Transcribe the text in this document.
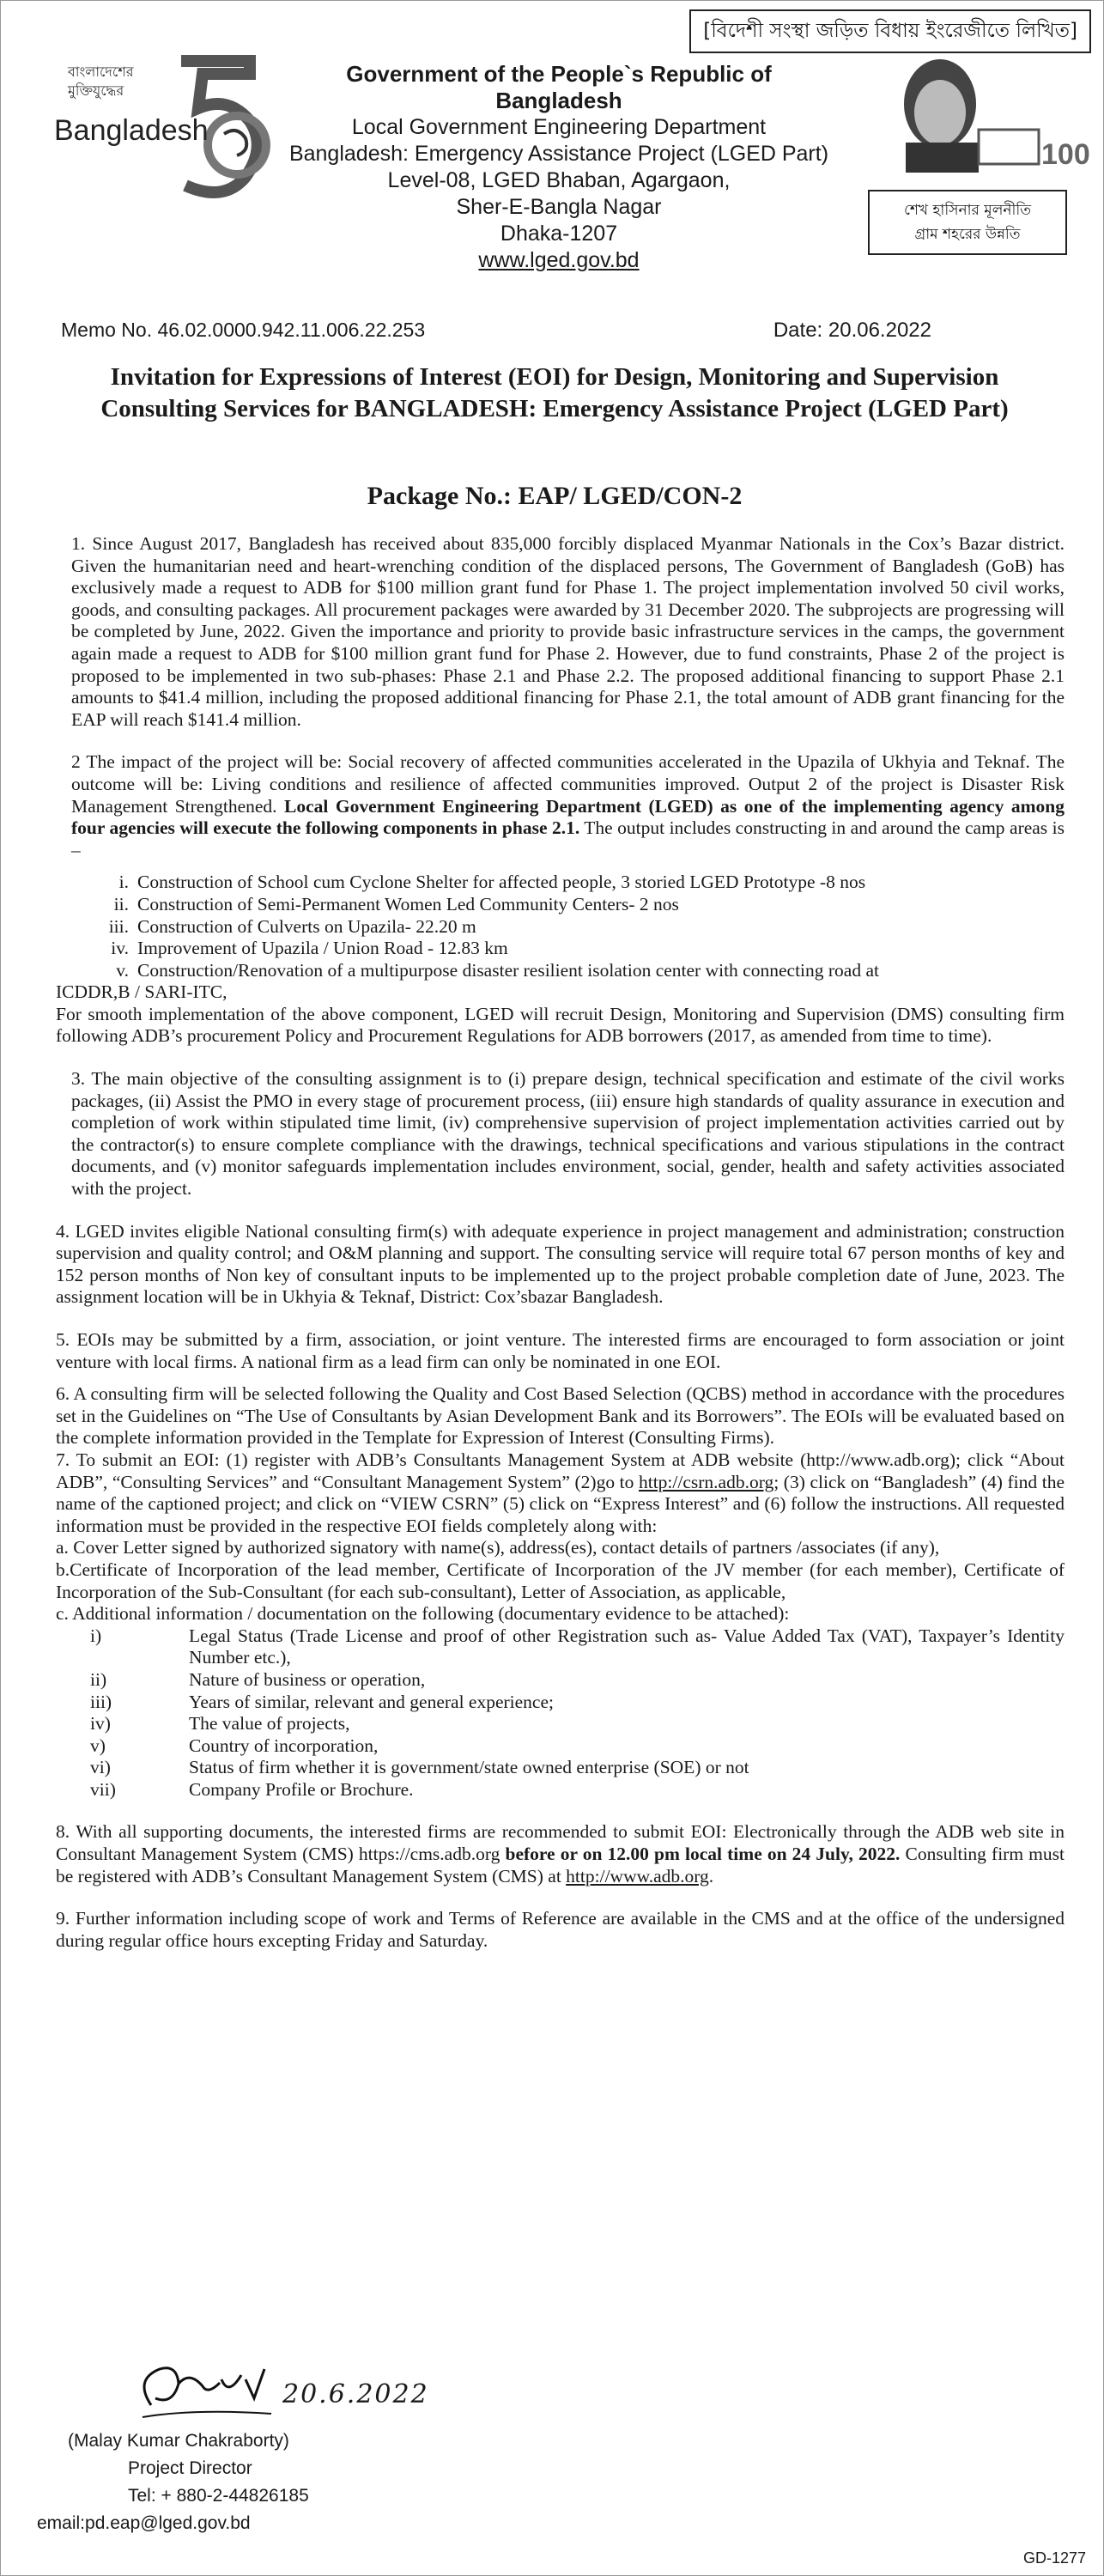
[বিদেশী সংস্থা জড়িত বিধায় ইংরেজীতে লিখিত]
বাংলাদেশের
মুক্তিযুদ্ধের
Bangladesh
Government of the People`s Republic of Bangladesh
Local Government Engineering Department
Bangladesh: Emergency Assistance Project (LGED Part)
Level-08, LGED Bhaban, Agargaon,
Sher-E-Bangla Nagar
Dhaka-1207
www.lged.gov.bd
100
শেখ হাসিনার মূলনীতি
গ্রাম শহরের উন্নতি
Memo No. 46.02.0000.942.11.006.22.253	Date: 20.06.2022
Invitation for Expressions of Interest (EOI) for Design, Monitoring and Supervision Consulting Services for BANGLADESH: Emergency Assistance Project (LGED Part)
Package No.: EAP/ LGED/CON-2

1. Since August 2017, Bangladesh has received about 835,000 forcibly displaced Myanmar Nationals in the Cox’s Bazar district. Given the humanitarian need and heart-wrenching condition of the displaced persons, The Government of Bangladesh (GoB) has exclusively made a request to ADB for $100 million grant fund for Phase 1. The project implementation involved 50 civil works, goods, and consulting packages. All procurement packages were awarded by 31 December 2020. The subprojects are progressing will be completed by June, 2022. Given the importance and priority to provide basic infrastructure services in the camps, the government again made a request to ADB for $100 million grant fund for Phase 2. However, due to fund constraints, Phase 2 of the project is proposed to be implemented in two sub-phases: Phase 2.1 and Phase 2.2. The proposed additional financing to support Phase 2.1 amounts to $41.4 million, including the proposed additional financing for Phase 2.1, the total amount of ADB grant financing for the EAP will reach $141.4 million.

2 The impact of the project will be: Social recovery of affected communities accelerated in the Upazila of Ukhyia and Teknaf. The outcome will be: Living conditions and resilience of affected communities improved. Output 2 of the project is Disaster Risk Management Strengthened. Local Government Engineering Department (LGED) as one of the implementing agency among four agencies will execute the following components in phase 2.1. The output includes constructing in and around the camp areas is –

i. Construction of School cum Cyclone Shelter for affected people, 3 storied LGED Prototype -8 nos
ii. Construction of Semi-Permanent Women Led Community Centers- 2 nos
iii. Construction of Culverts on Upazila- 22.20 m
iv. Improvement of Upazila / Union Road - 12.83 km
v. Construction/Renovation of a multipurpose disaster resilient isolation center with connecting road at

ICDDR,B / SARI-ITC,

For smooth implementation of the above component, LGED will recruit Design, Monitoring and Supervision (DMS) consulting firm following ADB’s procurement Policy and Procurement Regulations for ADB borrowers (2017, as amended from time to time).

3. The main objective of the consulting assignment is to (i) prepare design, technical specification and estimate of the civil works packages, (ii) Assist the PMO in every stage of procurement process, (iii) ensure high standards of quality assurance in execution and completion of work within stipulated time limit, (iv) comprehensive supervision of project implementation activities carried out by the contractor(s) to ensure complete compliance with the drawings, technical specifications and various stipulations in the contract documents, and (v) monitor safeguards implementation includes environment, social, gender, health and safety activities associated with the project.

4. LGED invites eligible National consulting firm(s) with adequate experience in project management and administration; construction supervision and quality control; and O&M planning and support. The consulting service will require total 67 person months of key and 152 person months of Non key of consultant inputs to be implemented up to the project probable completion date of June, 2023. The assignment location will be in Ukhyia & Teknaf, District: Cox’sbazar Bangladesh.

5. EOIs may be submitted by a firm, association, or joint venture. The interested firms are encouraged to form association or joint venture with local firms. A national firm as a lead firm can only be nominated in one EOI.

6. A consulting firm will be selected following the Quality and Cost Based Selection (QCBS) method in accordance with the procedures set in the Guidelines on “The Use of Consultants by Asian Development Bank and its Borrowers”. The EOIs will be evaluated based on the complete information provided in the Template for Expression of Interest (Consulting Firms).

7. To submit an EOI: (1) register with ADB’s Consultants Management System at ADB website (http://www.adb.org); click “About ADB”, “Consulting Services” and “Consultant Management System” (2)go to http://csrn.adb.org; (3) click on “Bangladesh” (4) find the name of the captioned project; and click on “VIEW CSRN” (5) click on “Express Interest” and (6) follow the instructions. All requested information must be provided in the respective EOI fields completely along with:

a. Cover Letter signed by authorized signatory with name(s), address(es), contact details of partners /associates (if any),

b.Certificate of Incorporation of the lead member, Certificate of Incorporation of the JV member (for each member), Certificate of Incorporation of the Sub-Consultant (for each sub-consultant), Letter of Association, as applicable,

c. Additional information / documentation on the following (documentary evidence to be attached):

i)	Legal Status (Trade License and proof of other Registration such as- Value Added Tax (VAT), Taxpayer’s Identity Number etc.),
ii)	Nature of business or operation,
iii)	Years of similar, relevant and general experience;
iv)	The value of projects,
v)	Country of incorporation,
vi)	Status of firm whether it is government/state owned enterprise (SOE) or not
vii)	Company Profile or Brochure.

8. With all supporting documents, the interested firms are recommended to submit EOI: Electronically through the ADB web site in Consultant Management System (CMS) https://cms.adb.org before or on 12.00 pm local time on 24 July, 2022. Consulting firm must be registered with ADB’s Consultant Management System (CMS) at http://www.adb.org.

9. Further information including scope of work and Terms of Reference are available in the CMS and at the office of the undersigned during regular office hours excepting Friday and Saturday.

20.6.2022
(Malay Kumar Chakraborty)
Project Director
Tel: + 880-2-44826185
email:pd.eap@lged.gov.bd
GD-1277
